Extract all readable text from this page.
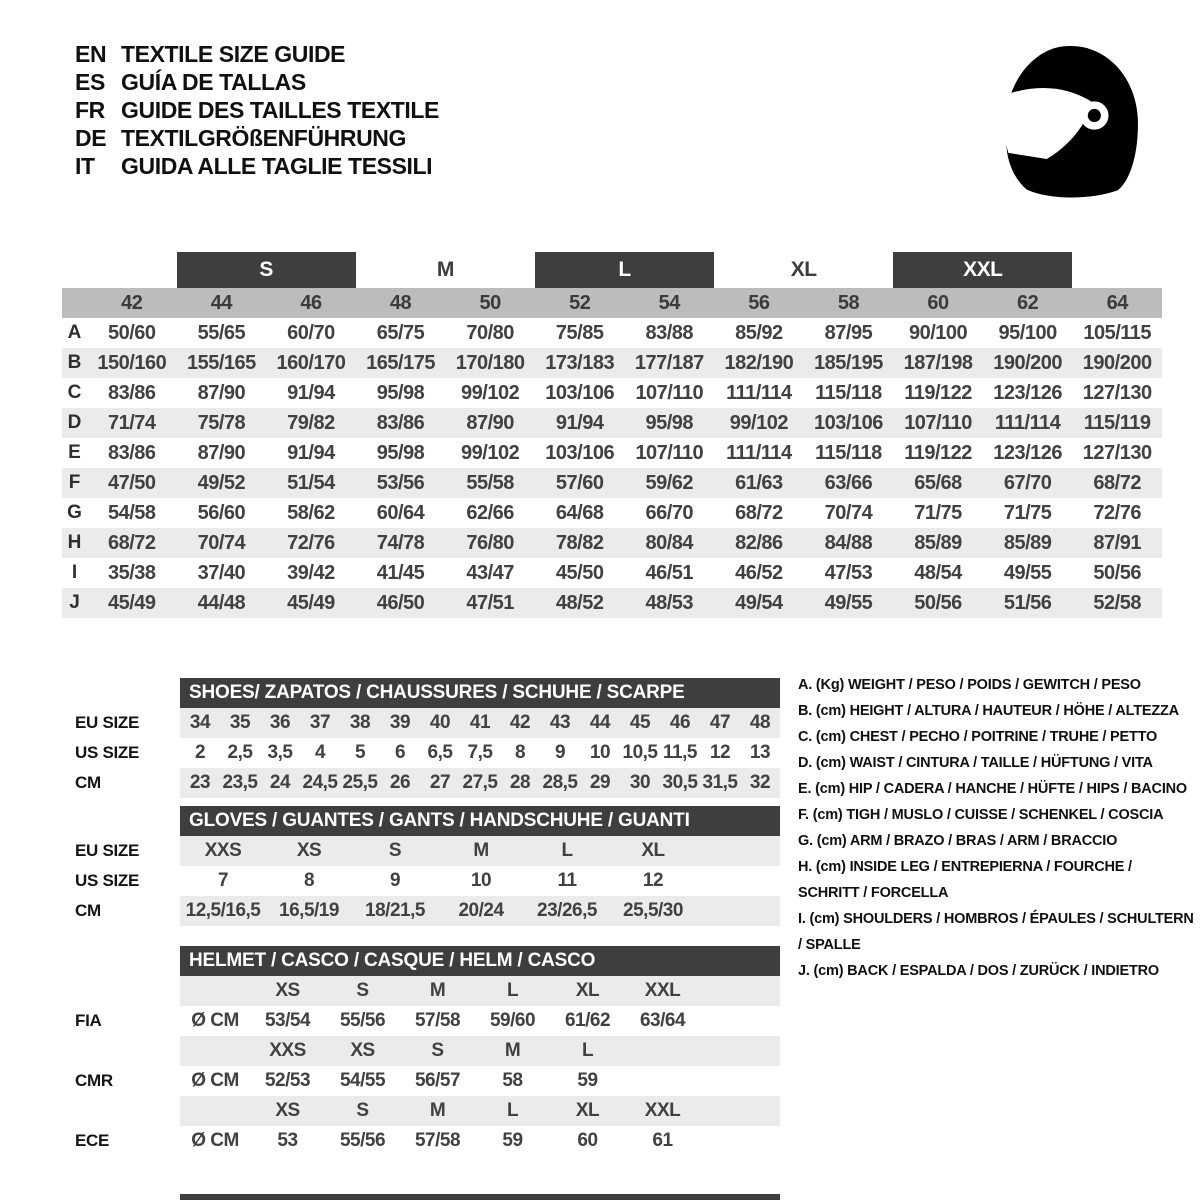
EN TEXTILE SIZE GUIDE
ES GUÍA DE TALLAS
FR GUIDE DES TAILLES TEXTILE
DE TEXTILGRÖßENFÜHRUNG
IT	GUIDA ALLE TAGLIE TESSILI
S	M	L	XL	XXL
42	44	46	48	50	52	54	56	58	60	62	64
A	50/60	55/65	60/70	65/75	70/80	75/85	83/88	85/92	87/95	90/100	95/100	105/115
B 150/160	155/165	160/170	165/175	170/180	173/183	177/187	182/190	185/195	187/198	190/200	190/200
C	83/86	87/90	91/94	95/98	99/102	103/106	107/110	111/114	115/118	119/122	123/126	127/130
D	71/74	75/78	79/82	83/86	87/90	91/94	95/98	99/102	103/106	107/110	111/114	115/119
E	83/86	87/90	91/94	95/98	99/102	103/106	107/110	111/114	115/118	119/122	123/126	127/130
F	47/50	49/52	51/54	53/56	55/58	57/60	59/62	61/63	63/66	65/68	67/70	68/72
G	54/58	56/60	58/62	60/64	62/66	64/68	66/70	68/72	70/74	71/75	71/75	72/76
H	68/72	70/74	72/76	74/78	76/80	78/82	80/84	82/86	84/88	85/89	85/89	87/91
I	35/38	37/40	39/42	41/45	43/47	45/50	46/51	46/52	47/53	48/54	49/55	50/56
J	45/49	44/48	45/49	46/50	47/51	48/52	48/53	49/54	49/55	50/56	51/56	52/58
SHOES/ ZAPATOS / CHAUSSURES / SCHUHE / SCARPE
EU SIZE	34	35	36	37	38	39	40	41	42	43	44	45	46	47	48
US SIZE	2	2,5 3,5	4	5	6	6,5 7,5	8	9	10 10,5 11,5 12	13
CM	23 23,5 24 24,5 25,5 26	27 27,5 28 28,5 29	30 30,5 31,5 32
GLOVES / GUANTES / GANTS / HANDSCHUHE / GUANTI
EU SIZE	XXS	XS	S	M	L	XL
US SIZE	7	8	9	10	11	12
CM	12,5/16,5 16,5/19	18/21,5	20/24	23/26,5	25,5/30
HELMET / CASCO / CASQUE / HELM / CASCO
XS	S	M	L	XL	XXL
FIA	Ø CM	53/54	55/56	57/58	59/60	61/62	63/64
XXS	XS	S	M	L
CMR	Ø CM	52/53	54/55	56/57	58	59
XS	S	M	L	XL	XXL
ECE	Ø CM	53	55/56	57/58	59	60	61
A. (Kg) WEIGHT / PESO / POIDS / GEWITCH / PESO
B. (cm) HEIGHT / ALTURA / HAUTEUR / HÖHE / ALTEZZA
C. (cm) CHEST / PECHO / POITRINE / TRUHE / PETTO
D. (cm) WAIST / CINTURA / TAILLE / HÜFTUNG / VITA
E. (cm) HIP / CADERA / HANCHE / HÜFTE / HIPS / BACINO
F. (cm) TIGH / MUSLO / CUISSE / SCHENKEL / COSCIA
G. (cm) ARM / BRAZO / BRAS / ARM / BRACCIO
H. (cm) INSIDE LEG / ENTREPIERNA / FOURCHE / SCHRITT / FORCELLA
I. (cm) SHOULDERS / HOMBROS / ÉPAULES / SCHULTERN / SPALLE
J. (cm) BACK / ESPALDA / DOS / ZURÜCK / INDIETRO
